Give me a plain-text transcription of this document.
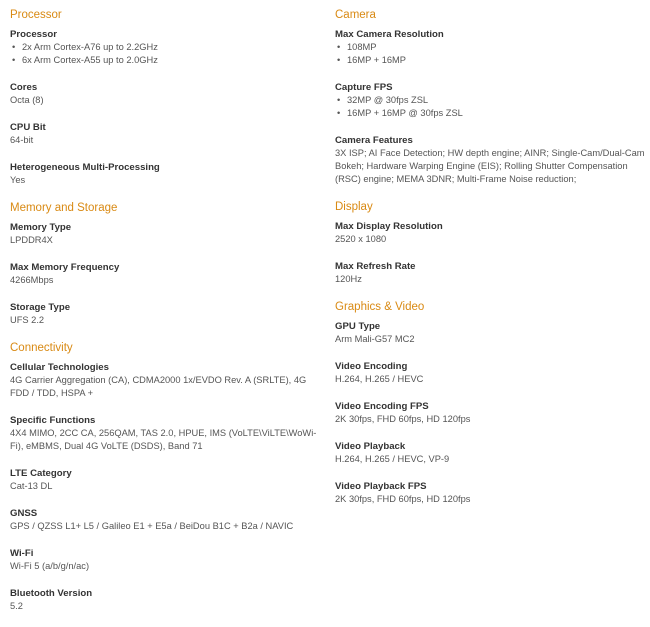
Processor
Processor
• 2x Arm Cortex-A76 up to 2.2GHz
• 6x Arm Cortex-A55 up to 2.0GHz
Cores
Octa (8)
CPU Bit
64-bit
Heterogeneous Multi-Processing
Yes
Memory and Storage
Memory Type
LPDDR4X
Max Memory Frequency
4266Mbps
Storage Type
UFS 2.2
Connectivity
Cellular Technologies
4G Carrier Aggregation (CA), CDMA2000 1x/EVDO Rev. A (SRLTE), 4G FDD / TDD, HSPA +
Specific Functions
4X4 MIMO, 2CC CA, 256QAM, TAS 2.0, HPUE, IMS (VoLTE\ViLTE\WoWi-Fi), eMBMS, Dual 4G VoLTE (DSDS), Band 71
LTE Category
Cat-13 DL
GNSS
GPS / QZSS L1+ L5 / Galileo E1 + E5a / BeiDou B1C + B2a / NAVIC
Wi-Fi
Wi-Fi 5 (a/b/g/n/ac)
Bluetooth Version
5.2
Camera
Max Camera Resolution
• 108MP
• 16MP + 16MP
Capture FPS
• 32MP @ 30fps ZSL
• 16MP + 16MP @ 30fps ZSL
Camera Features
3X ISP; AI Face Detection; HW depth engine; AINR; Single-Cam/Dual-Cam Bokeh; Hardware Warping Engine (EIS); Rolling Shutter Compensation (RSC) engine; MEMA 3DNR; Multi-Frame Noise reduction;
Display
Max Display Resolution
2520 x 1080
Max Refresh Rate
120Hz
Graphics & Video
GPU Type
Arm Mali-G57 MC2
Video Encoding
H.264, H.265 / HEVC
Video Encoding FPS
2K 30fps, FHD 60fps, HD 120fps
Video Playback
H.264, H.265 / HEVC, VP-9
Video Playback FPS
2K 30fps, FHD 60fps, HD 120fps
